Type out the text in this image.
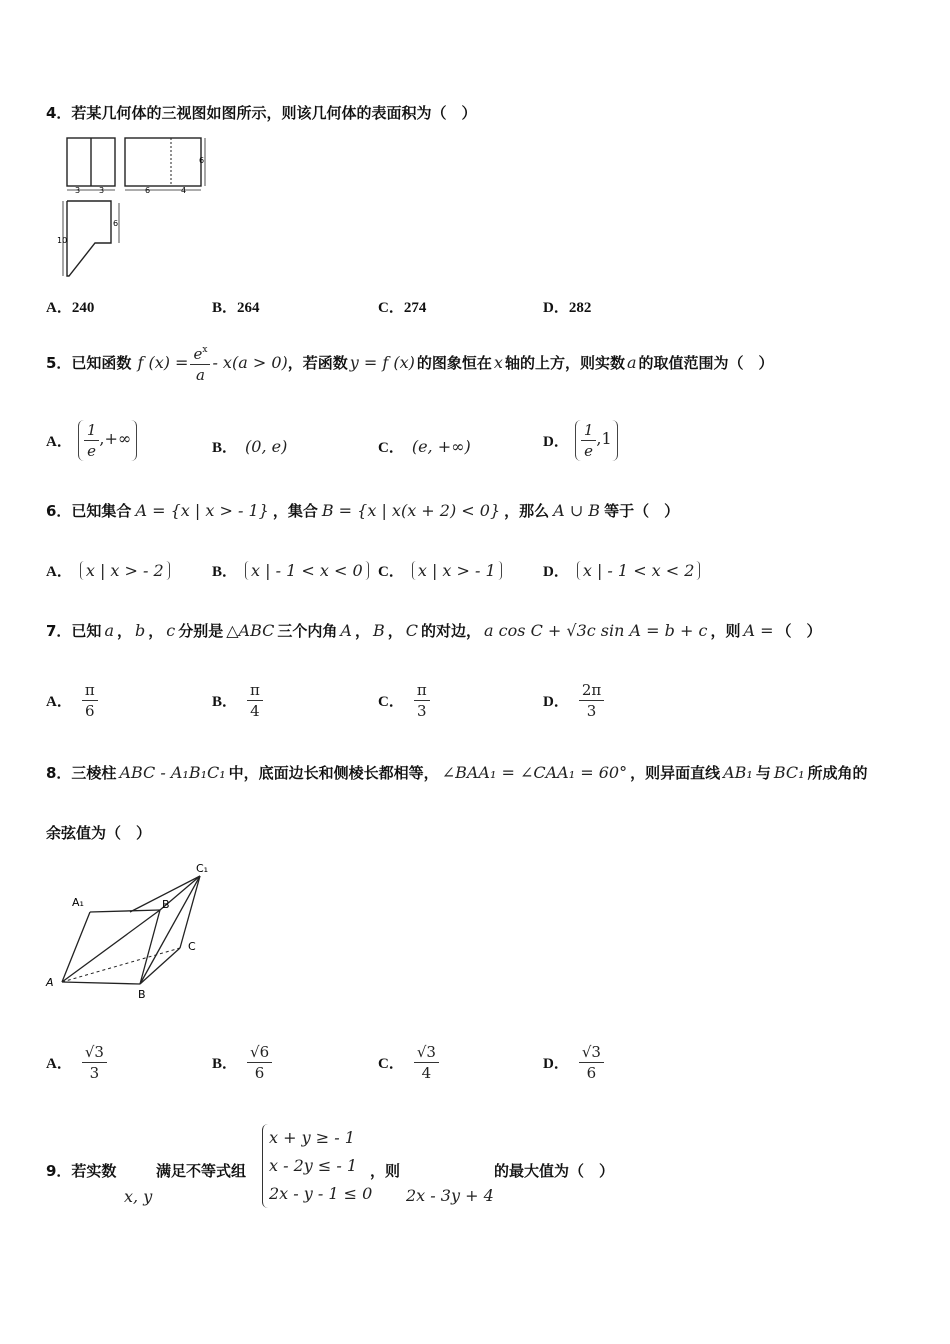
4．若某几何体的三视图如图所示，则该几何体的表面积为（　）
3 3	6	4
6
10
6
A．240	B．264	C．274	D．282
5．已知函数 f $(x) = \frac{e^x}{a} - x(a > 0)$ ，若函数 y = f (x) 的图象恒在 x 轴的上方，则实数 a 的取值范围为（　）
A． $\frac{1}{e}$ ,+∞
B． (0, e)	C． (e, +∞)	D． $\frac{1}{e} ,1$
6．已知集合 A = {x | x > - 1} ，集合 B = {x | x(x + 2) < 0} ，那么 A ∪ B 等于（　）
A． x | x > - 2	B． x | - 1 < x < 0	C． x | x > - 1	D． x | - 1 < x < 2
7．已知 a ， b ， c 分别是 △ABC 三个内角 A ， B ， C 的对边， a cos C + √3c sin A = b + c ，则 A = （　）
A． $\frac{\pi}{6}$	B． $\frac{\pi}{4}$	C． $\frac{\pi}{3}$	D． $\frac{2\pi}{3}$
8．三棱柱 ABC - A₁B₁C₁ 中，底面边长和侧棱长都相等， ∠BAA₁ = ∠CAA₁ = 60° ，则异面直线 AB₁ 与 BC₁ 所成角的
余弦值为（　）
A₁	B
C₁
C
A
B
A． $\frac{√3}{3}$	B． $\frac{√6}{6}$	C． $\frac{√3}{4}$	D． $\frac{√3}{6}$
9．若实数
x, y
满足不等式组
x + y ≥ - 1
x - 2y ≤ - 1
2x - y - 1 ≤ 0
，则
2x - 3y + 4
的最大值为（　）
